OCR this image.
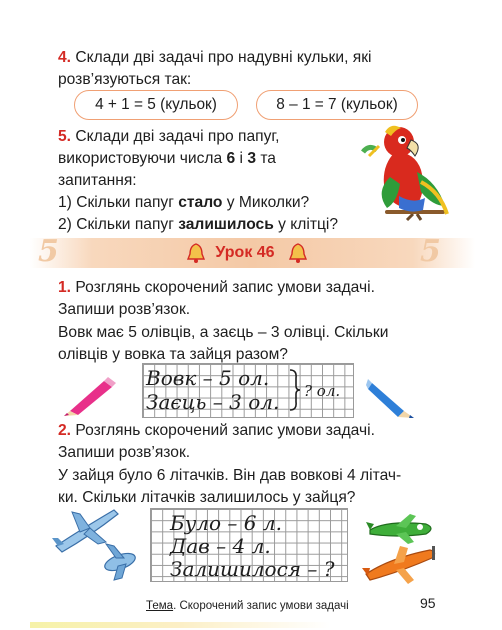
4. Склади дві задачі про надувні кульки, які
розв’язуються так:
4 + 1 = 5 (кульок)	8 – 1 = 7 (кульок)
5. Склади дві задачі про папуг,
використовуючи числа 6 і 3 та
запитання:
1) Скільки папуг стало у Миколки?
2) Скільки папуг залишилось у клітці?
5	5
Урок 46
1. Розглянь скорочений запис умови задачі.
Запиши розв’язок.
Вовк має 5 олівців, а заєць – 3 олівці. Скільки
олівців у вовка та зайця разом?
Вовк – 5 ол.
Заєць – 3 ол. ? ол.
2. Розглянь скорочений запис умови задачі.
Запиши розв’язок.
У зайця було 6 літачків. Він дав вовкові 4 літач-
ки. Скільки літачків залишилось у зайця?
Було – 6 л.
Дав – 4 л.
Залишилося – ?
Тема. Скорочений запис умови задачі	95
